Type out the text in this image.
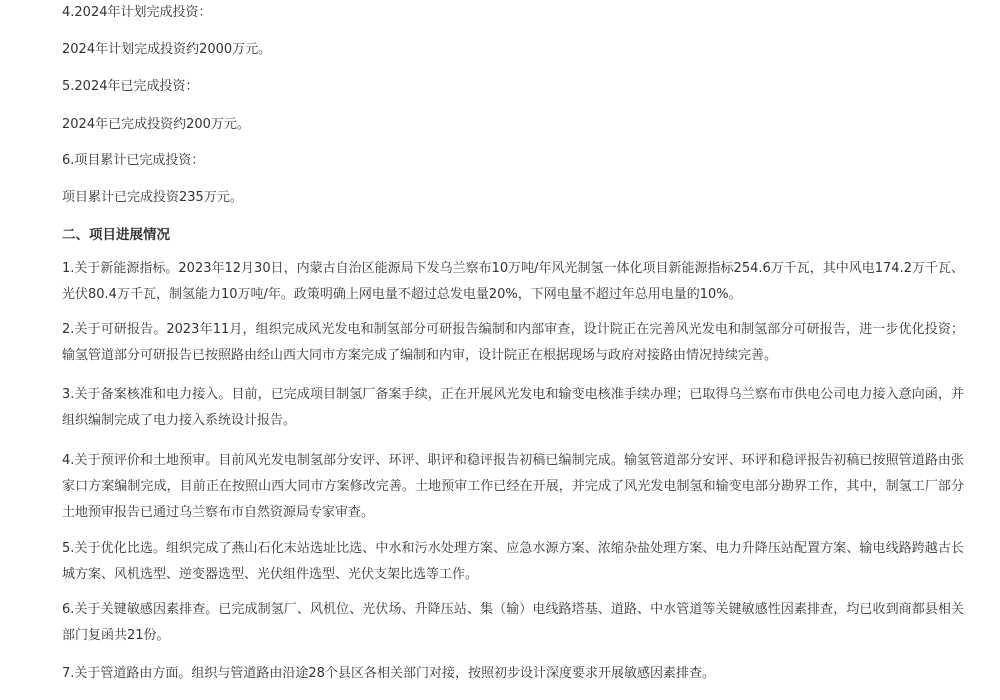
4.2024年计划完成投资：

2024年计划完成投资约2000万元。

5.2024年已完成投资：

2024年已完成投资约200万元。

6.项目累计已完成投资：

项目累计已完成投资235万元。

二、项目进展情况

1.关于新能源指标。2023年12月30日，内蒙古自治区能源局下发乌兰察布10万吨/年风光制氢一体化项目新能源指标254.6万千瓦，其中风电174.2万千瓦、光伏80.4万千瓦，制氢能力10万吨/年。政策明确上网电量不超过总发电量20%，下网电量不超过年总用电量的10%。

2.关于可研报告。2023年11月，组织完成风光发电和制氢部分可研报告编制和内部审查，设计院正在完善风光发电和制氢部分可研报告，进一步优化投资；输氢管道部分可研报告已按照路由经山西大同市方案完成了编制和内审，设计院正在根据现场与政府对接路由情况持续完善。

3.关于备案核准和电力接入。目前，已完成项目制氢厂备案手续，正在开展风光发电和输变电核准手续办理；已取得乌兰察布市供电公司电力接入意向函，并组织编制完成了电力接入系统设计报告。

4.关于预评价和土地预审。目前风光发电制氢部分安评、环评、职评和稳评报告初稿已编制完成。输氢管道部分安评、环评和稳评报告初稿已按照管道路由张家口方案编制完成，目前正在按照山西大同市方案修改完善。土地预审工作已经在开展，并完成了风光发电制氢和输变电部分勘界工作，其中，制氢工厂部分土地预审报告已通过乌兰察布市自然资源局专家审查。

5.关于优化比选。组织完成了燕山石化末站选址比选、中水和污水处理方案、应急水源方案、浓缩杂盐处理方案、电力升降压站配置方案、输电线路跨越古长城方案、风机选型、逆变器选型、光伏组件选型、光伏支架比选等工作。

6.关于关键敏感因素排查。已完成制氢厂、风机位、光伏场、升降压站、集（输）电线路塔基、道路、中水管道等关键敏感性因素排查，均已收到商都县相关部门复函共21份。

7.关于管道路由方面。组织与管道路由沿途28个县区各相关部门对接，按照初步设计深度要求开展敏感因素排查。
